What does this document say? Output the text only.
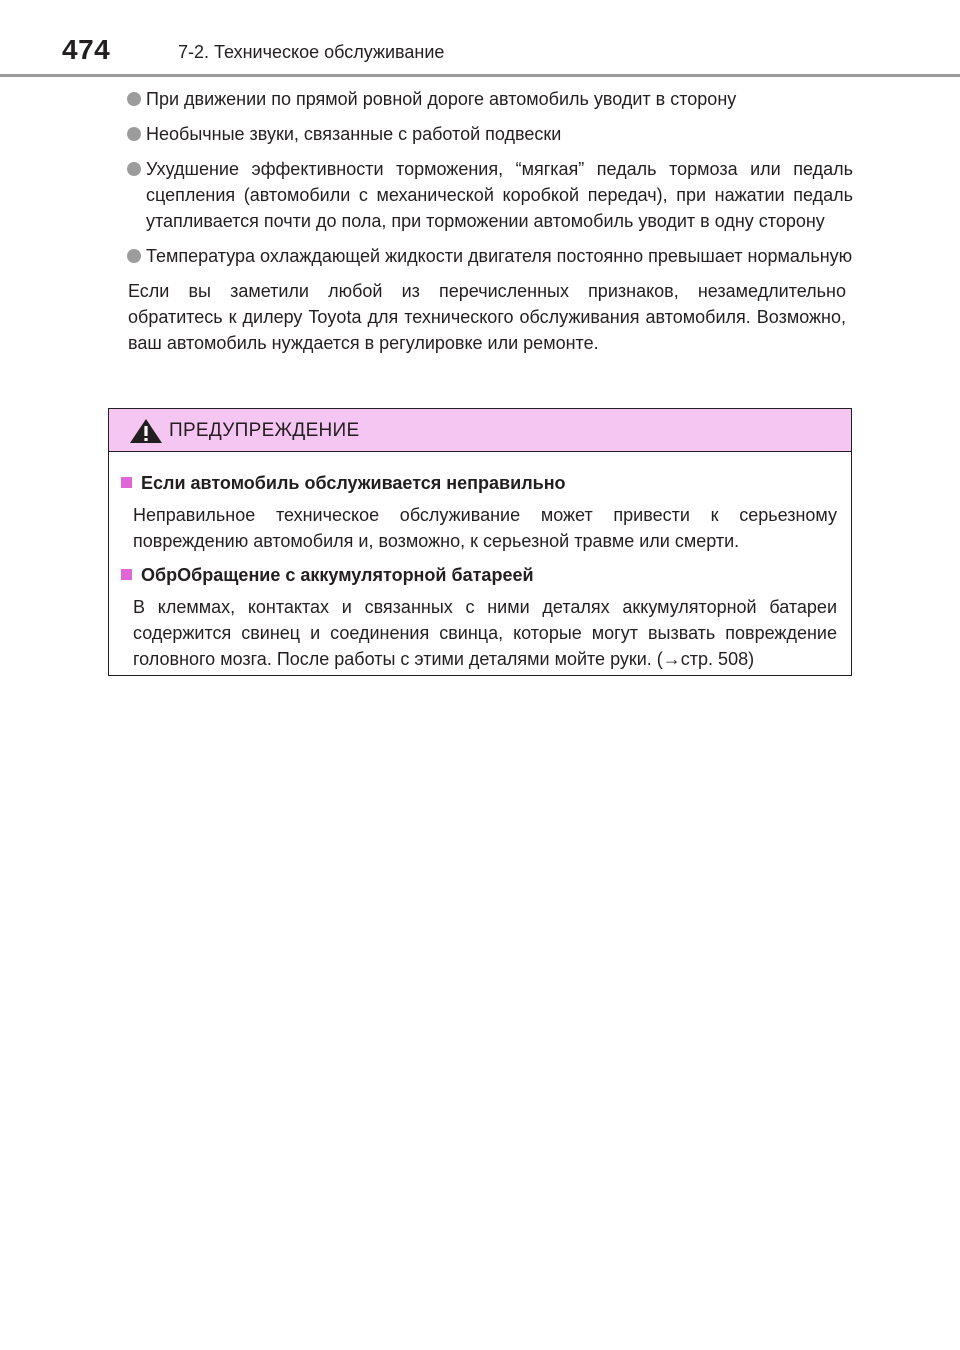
474	7-2. Техническое обслуживание
При движении по прямой ровной дороге автомобиль уводит в сторону
Необычные звуки, связанные с работой подвески
Ухудшение эффективности торможения, “мягкая” педаль тормоза или педаль сцепления (автомобили с механической коробкой передач), при нажатии педаль утапливается почти до пола, при торможении автомобиль уводит в одну сторону
Температура охлаждающей жидкости двигателя постоянно превышает нормальную

Если вы заметили любой из перечисленных признаков, незамедлительно обратитесь к дилеру Toyota для технического обслуживания автомобиля. Возможно, ваш автомобиль нуждается в регулировке или ремонте.

ПРЕДУПРЕЖДЕНИЕ
Если автомобиль обслуживается неправильно

Неправильное техническое обслуживание может привести к серьезному повреждению автомобиля и, возможно, к серьезной травме или смерти.

ОбрОбращение с аккумуляторной батареей

В клеммах, контактах и связанных с ними деталях аккумуляторной батареи содержится свинец и соединения свинца, которые могут вызвать повреждение головного мозга. После работы с этими деталями мойте руки. (→стр. 508)
